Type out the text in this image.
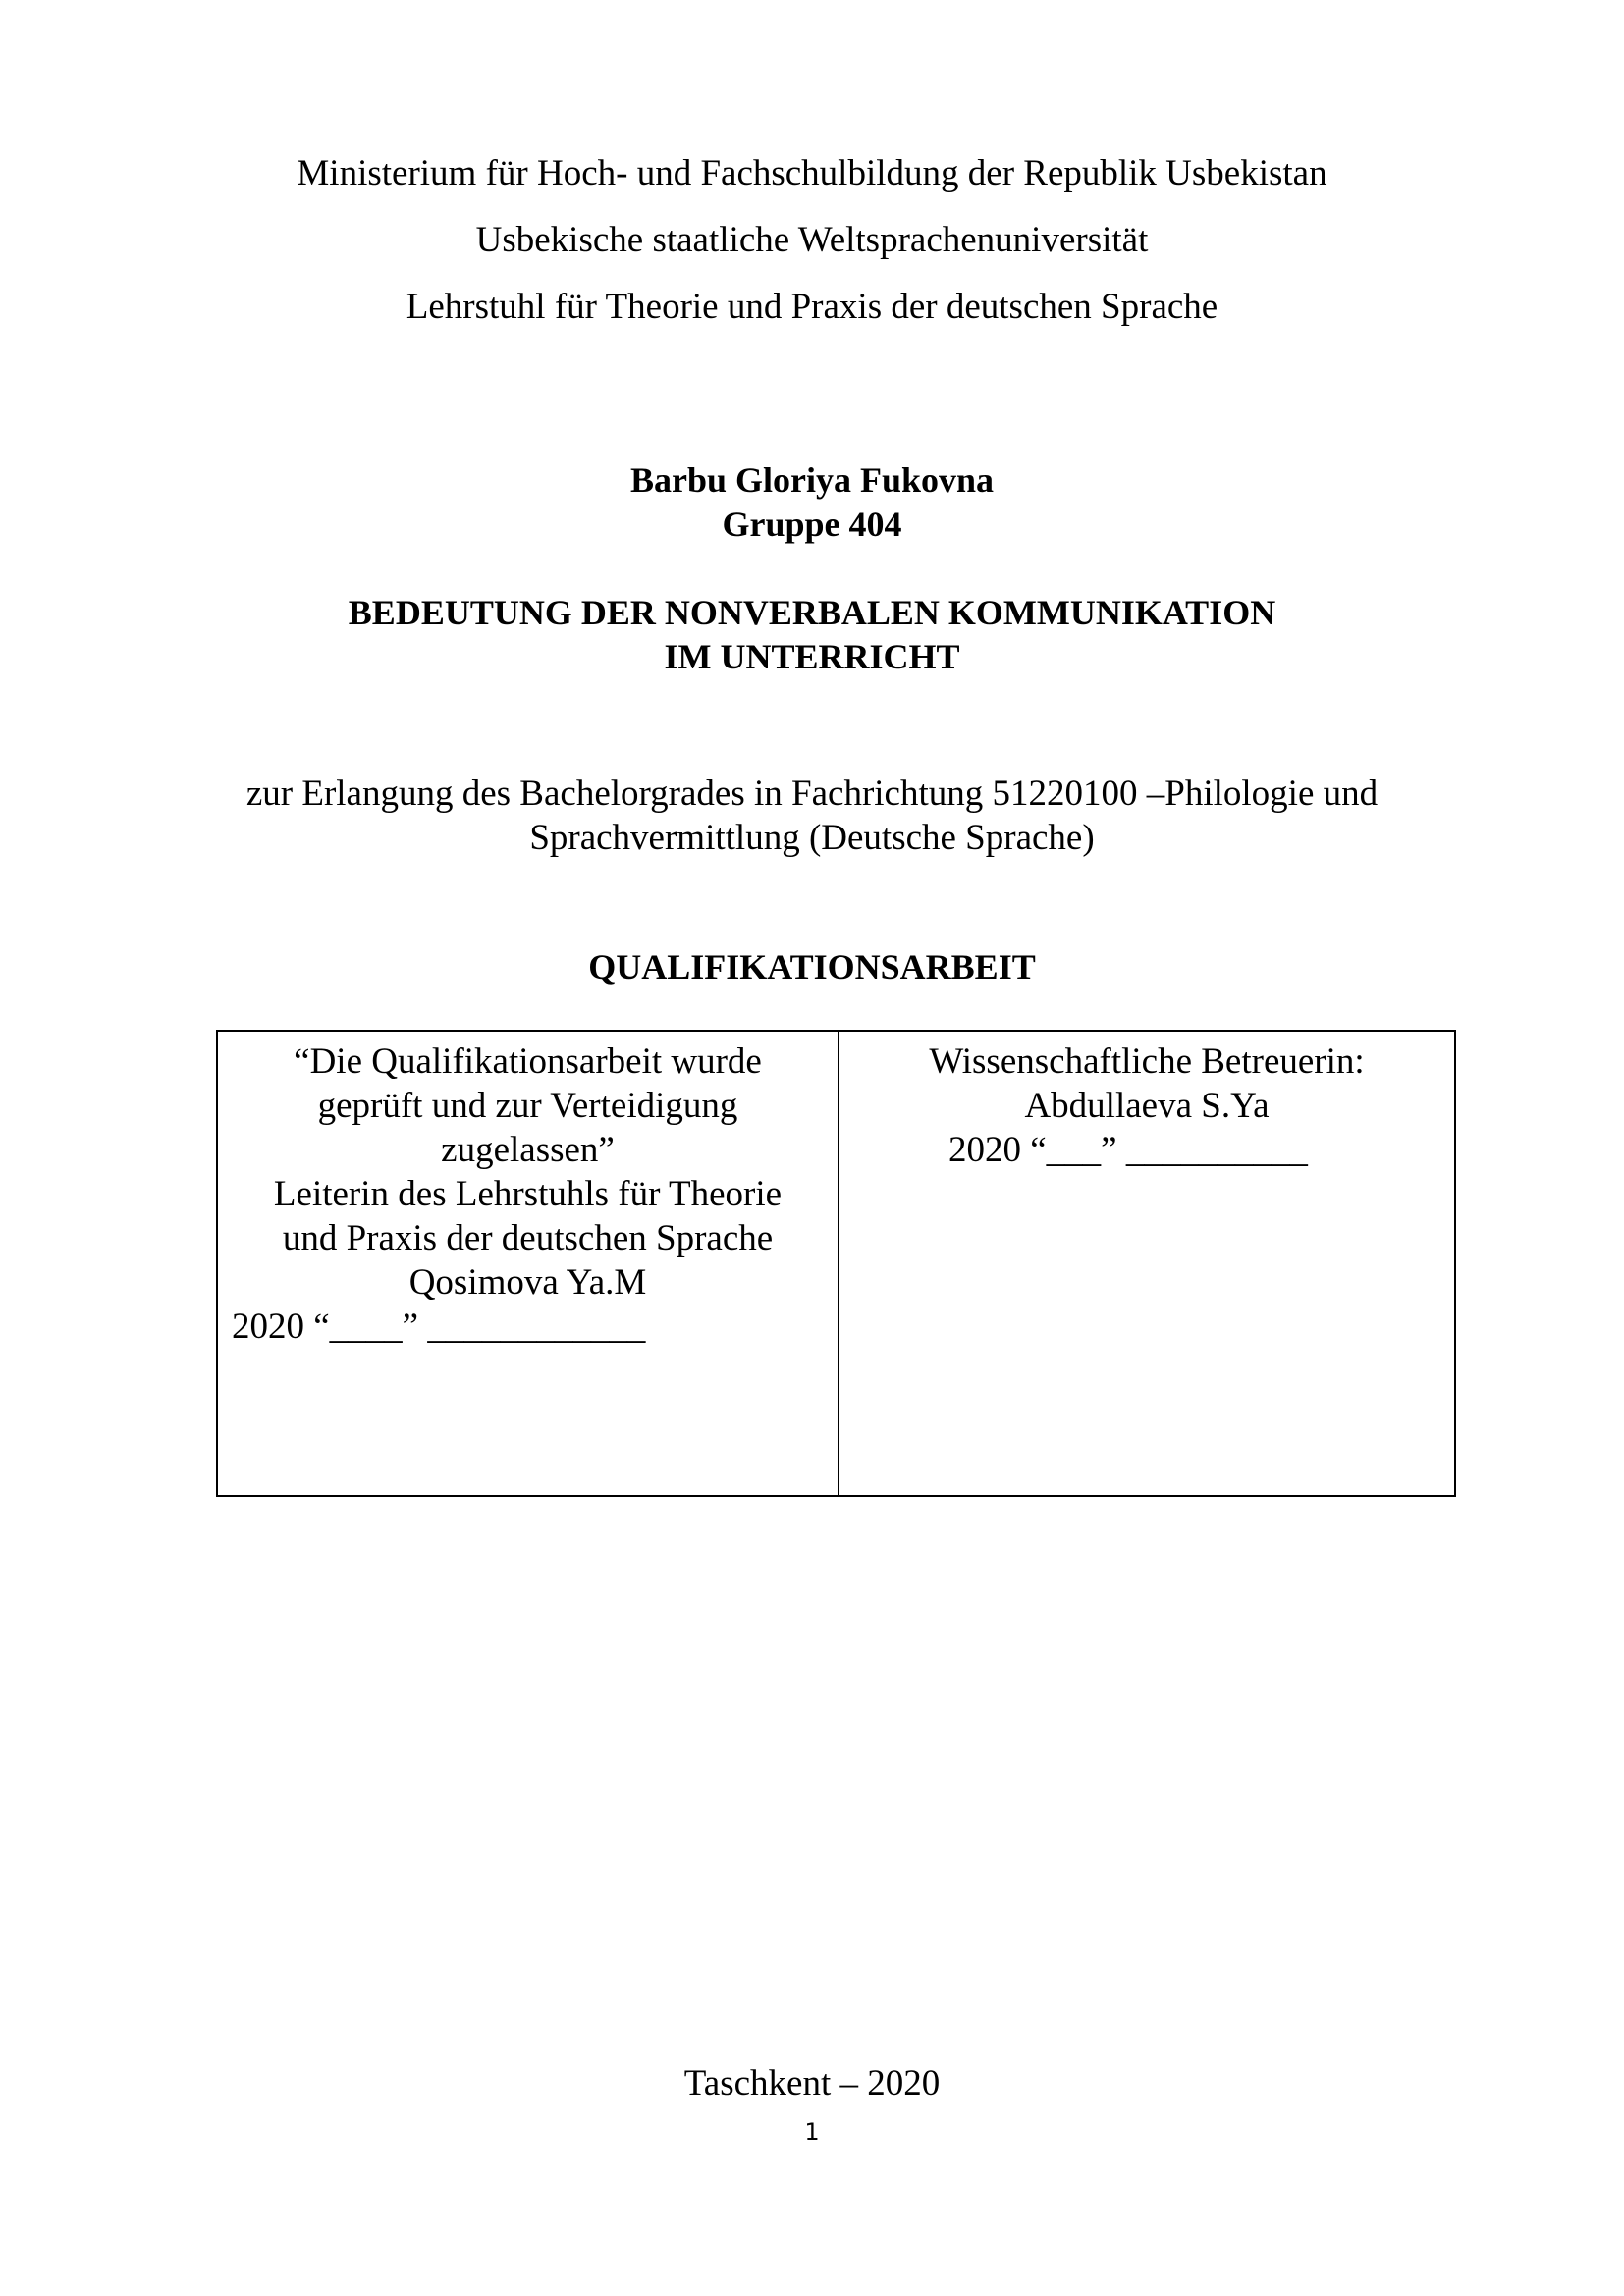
Ministerium für Hoch- und Fachschulbildung der Republik Usbekistan
Usbekische staatliche Weltsprachenuniversität
Lehrstuhl für Theorie und Praxis der deutschen Sprache
Barbu Gloriya Fukovna
Gruppe 404
BEDEUTUNG DER NONVERBALEN KOMMUNIKATION
IM UNTERRICHT
zur Erlangung des Bachelorgrades in Fachrichtung 51220100 –Philologie und
Sprachvermittlung (Deutsche Sprache)
QUALIFIKATIONSARBEIT
“Die Qualifikationsarbeit wurde
geprüft und zur Verteidigung
zugelassen”
Leiterin des Lehrstuhls für Theorie
und Praxis der deutschen Sprache
Qosimova Ya.M
2020 “____” ____________
Wissenschaftliche Betreuerin:
Abdullaeva S.Ya
2020 “___” __________
Taschkent – 2020
1
